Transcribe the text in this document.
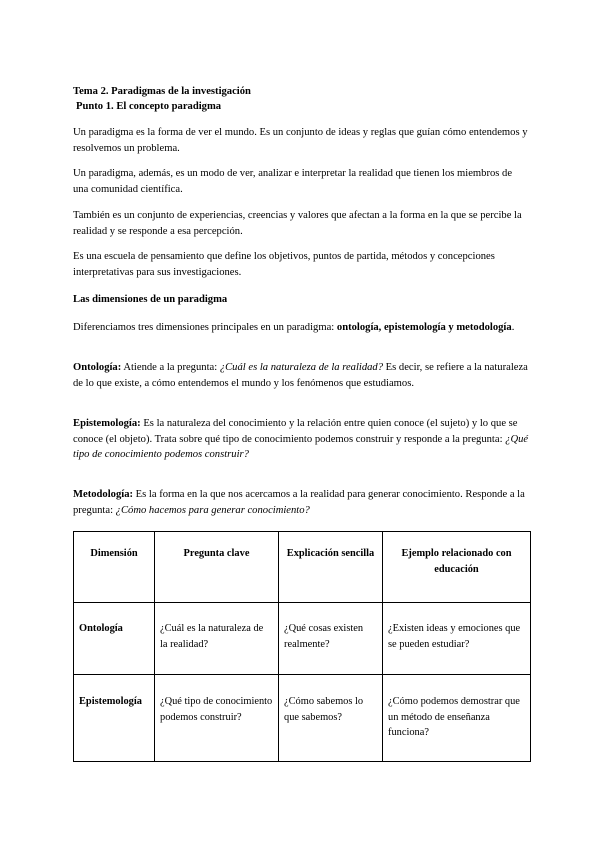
Tema 2. Paradigmas de la investigación

Punto 1. El concepto paradigma

Un paradigma es la forma de ver el mundo. Es un conjunto de ideas y reglas que guían cómo entendemos y resolvemos un problema.

Un paradigma, además, es un modo de ver, analizar e interpretar la realidad que tienen los miembros de una comunidad científica.

También es un conjunto de experiencias, creencias y valores que afectan a la forma en la que se percibe la realidad y se responde a esa percepción.

Es una escuela de pensamiento que define los objetivos, puntos de partida, métodos y concepciones interpretativas para sus investigaciones.

Las dimensiones de un paradigma

Diferenciamos tres dimensiones principales en un paradigma: ontología, epistemología y metodología.

Ontología: Atiende a la pregunta: ¿Cuál es la naturaleza de la realidad? Es decir, se refiere a la naturaleza de lo que existe, a cómo entendemos el mundo y los fenómenos que estudiamos.

Epistemología: Es la naturaleza del conocimiento y la relación entre quien conoce (el sujeto) y lo que se conoce (el objeto). Trata sobre qué tipo de conocimiento podemos construir y responde a la pregunta: ¿Qué tipo de conocimiento podemos construir?

Metodología: Es la forma en la que nos acercamos a la realidad para generar conocimiento. Responde a la pregunta: ¿Cómo hacemos para generar conocimiento?

Dimensión	Pregunta clave	Explicación sencilla	Ejemplo relacionado con educación
Ontología	¿Cuál es la naturaleza de la realidad?	¿Qué cosas existen realmente?	¿Existen ideas y emociones que se pueden estudiar?
Epistemología	¿Qué tipo de conocimiento podemos construir?	¿Cómo sabemos lo que sabemos?	¿Cómo podemos demostrar que un método de enseñanza funciona?
